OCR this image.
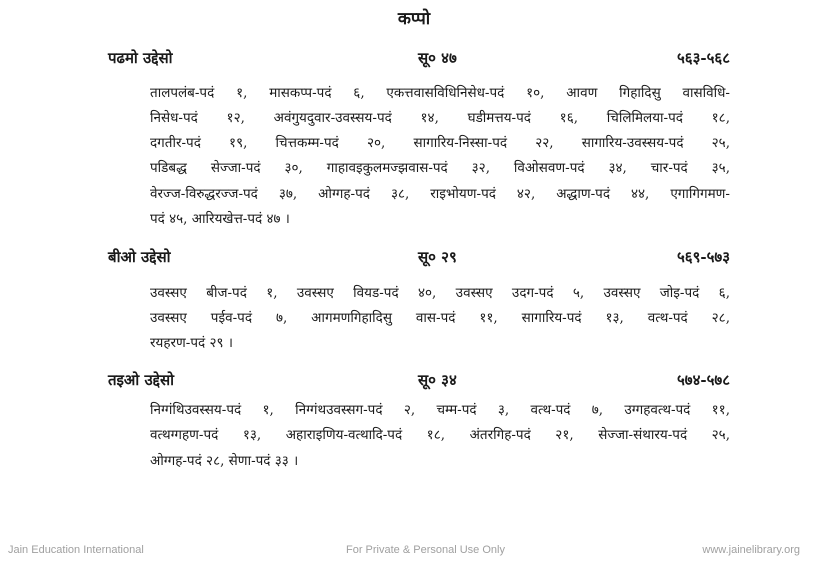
कप्पो
पढमो उद्देसो	सू० ४७	५६३-५६८
तालपलंब-पदं १, मासकप्प-पदं ६, एकत्तवासविधिनिसेध-पदं १०, आवण गिहादिसु वासविधि-
निसेध-पदं १२, अवंगुयदुवार-उवस्सय-पदं १४, घडीमत्तय-पदं १६, चिलिमिलया-पदं १८,
दगतीर-पदं १९, चित्तकम्म-पदं २०, सागारिय-निस्सा-पदं २२, सागारिय-उवस्सय-पदं २५,
पडिबद्ध सेज्जा-पदं ३०, गाहावइकुलमज्झवास-पदं ३२, विओसवण-पदं ३४, चार-पदं ३५,
वेरज्ज-विरुद्धरज्ज-पदं ३७, ओग्गह-पदं ३८, राइभोयण-पदं ४२, अद्धाण-पदं ४४, एगागिगमण-
पदं ४५, आरियखेत्त-पदं ४७ ।
बीओ उद्देसो	सू० २९	५६९-५७३
उवस्सए बीज-पदं १, उवस्सए वियड-पदं ४०, उवस्सए उदग-पदं ५, उवस्सए जोइ-पदं ६,
उवस्सए पईव-पदं ७, आगमणगिहादिसु वास-पदं ११, सागारिय-पदं १३, वत्थ-पदं २८,
रयहरण-पदं २९ ।
तइओ उद्देसो	सू० ३४	५७४-५७८
निग्गंथिउवस्सय-पदं १, निग्गंथउवस्सग-पदं २, चम्म-पदं ३, वत्थ-पदं ७, उग्गहवत्थ-पदं ११,
वत्थग्गहण-पदं १३, अहाराइणिय-वत्थादि-पदं १८, अंतरगिह-पदं २१, सेज्जा-संथारय-पदं २५,
ओग्गह-पदं २८, सेणा-पदं ३३ ।
Jain Education International	For Private & Personal Use Only	www.jainelibrary.org
